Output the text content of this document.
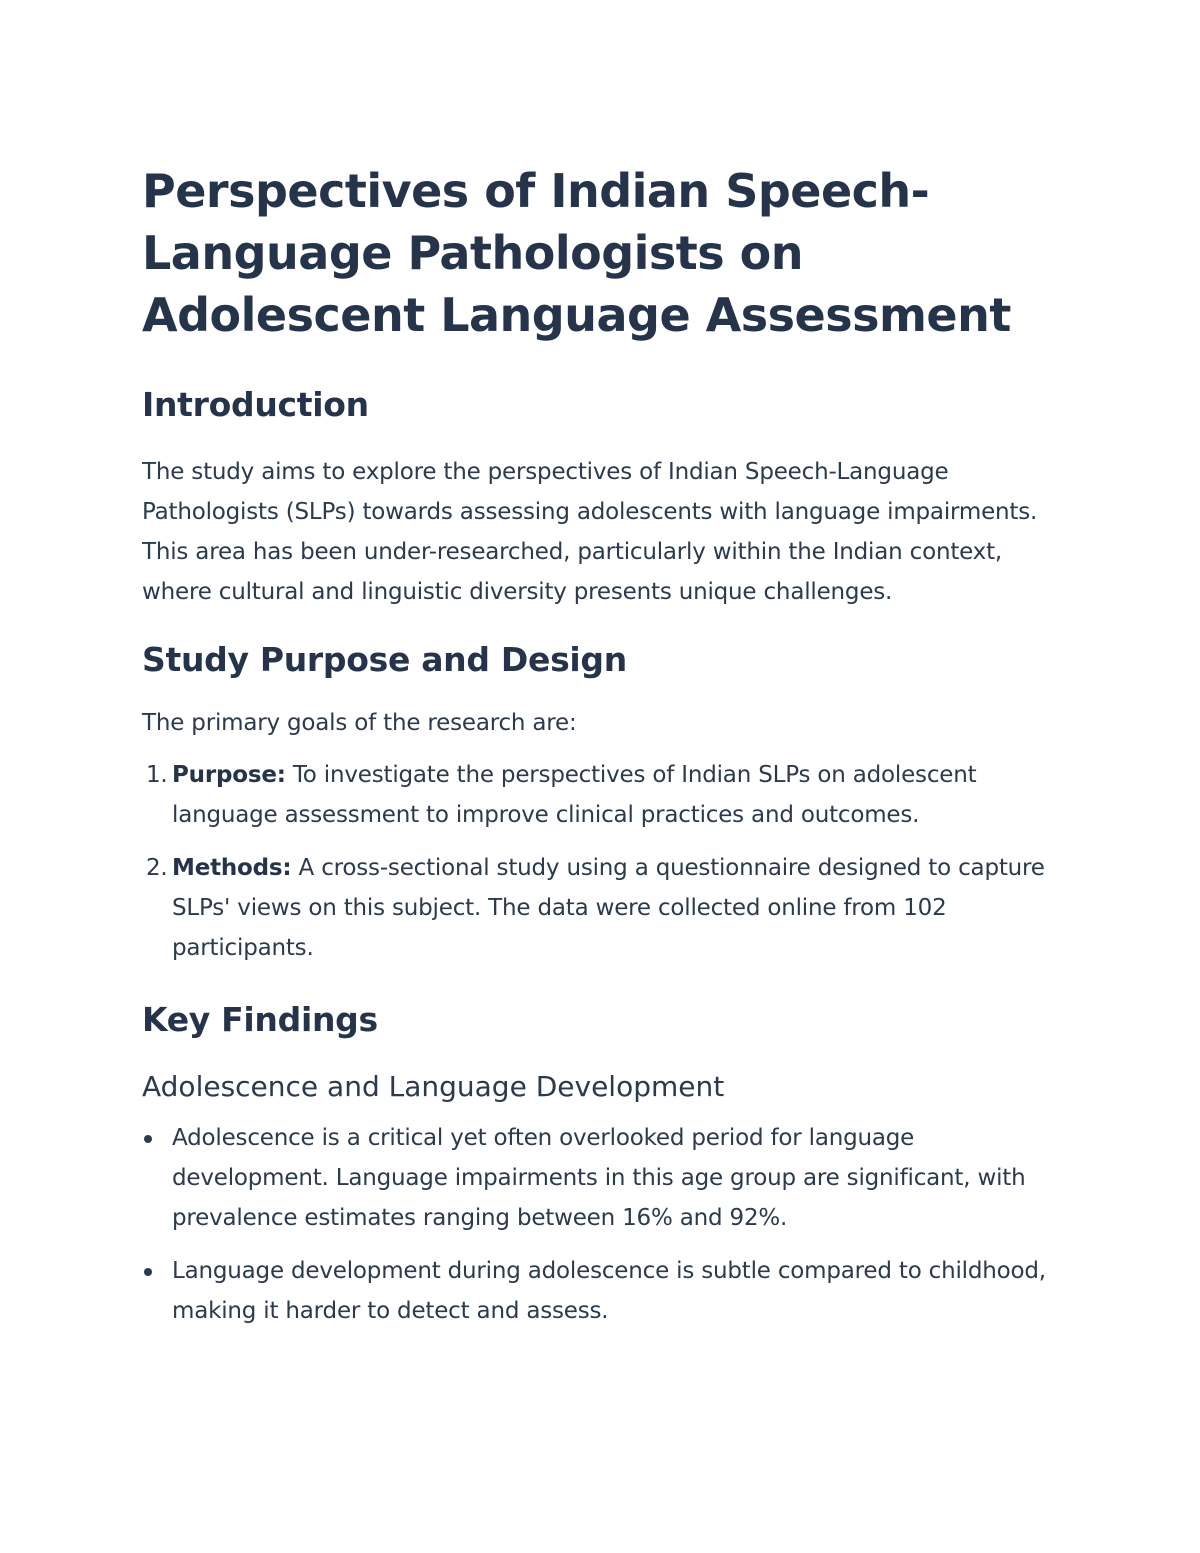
Perspectives of Indian Speech-Language Pathologists on Adolescent Language Assessment
Introduction

The study aims to explore the perspectives of Indian Speech-Language Pathologists (SLPs) towards assessing adolescents with language impairments. This area has been under-researched, particularly within the Indian context, where cultural and linguistic diversity presents unique challenges.

Study Purpose and Design

The primary goals of the research are:

1. Purpose: To investigate the perspectives of Indian SLPs on adolescent language assessment to improve clinical practices and outcomes.
2. Methods: A cross-sectional study using a questionnaire designed to capture SLPs' views on this subject. The data were collected online from 102 participants.
Key Findings
Adolescence and Language Development
Adolescence is a critical yet often overlooked period for language development. Language impairments in this age group are significant, with prevalence estimates ranging between 16% and 92%.
Language development during adolescence is subtle compared to childhood, making it harder to detect and assess.
